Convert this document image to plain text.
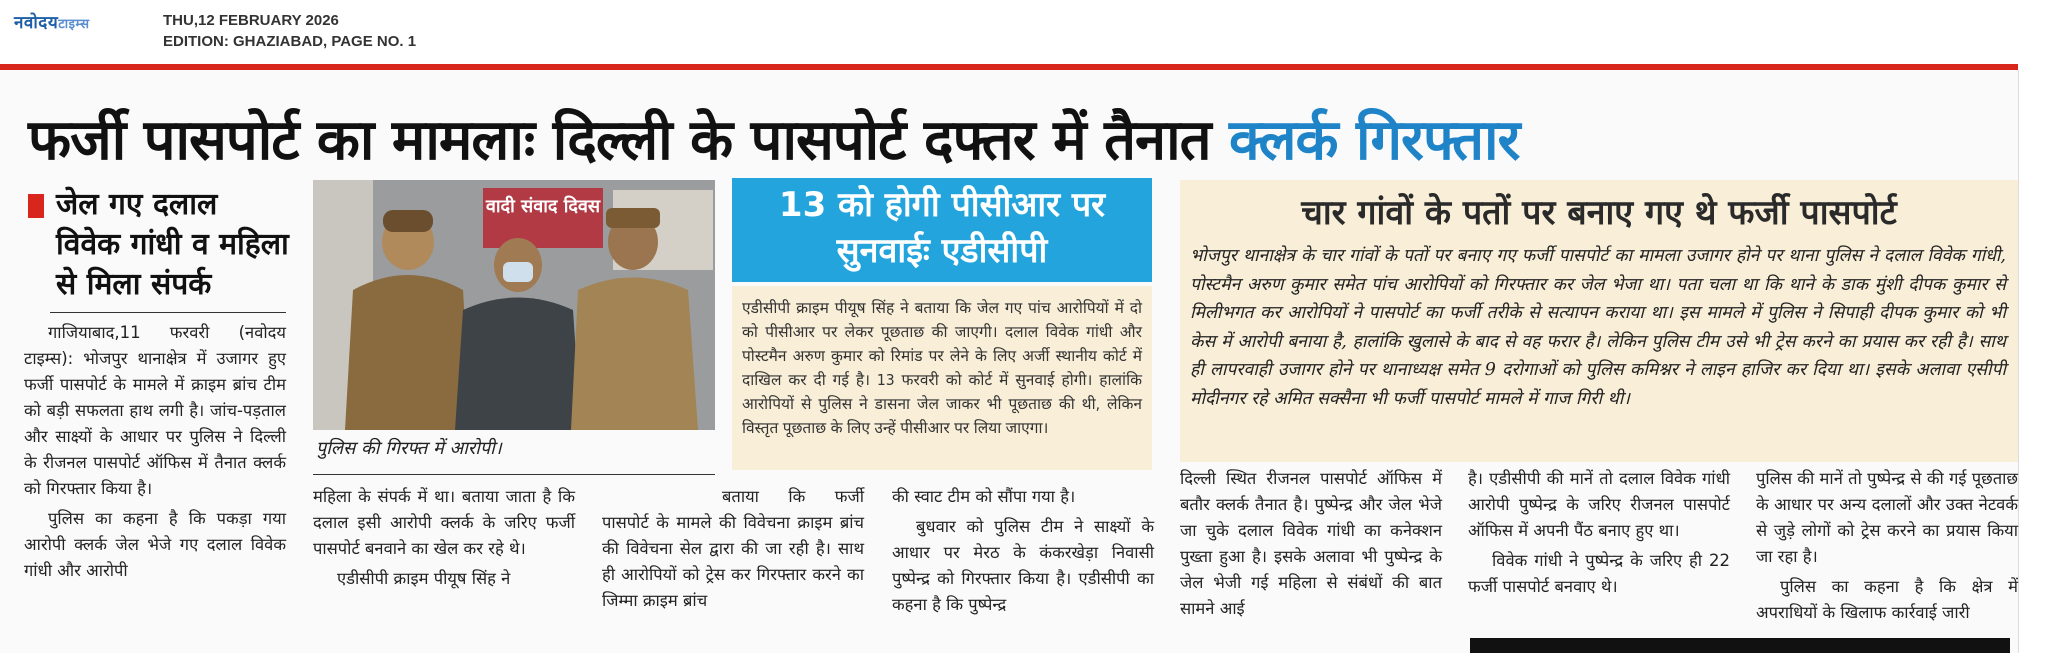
नवोदयटाइम्स	THU,12 FEBRUARY 2026
EDITION: GHAZIABAD, PAGE NO. 1
फर्जी पासपोर्ट का मामलाः दिल्ली के पासपोर्ट दफ्तर में तैनात क्लर्क गिरफ्तार
जेल गए दलाल विवेक गांधी व महिला से मिला संपर्क

गाजियाबाद,11 फरवरी (नवोदय टाइम्स): भोजपुर थानाक्षेत्र में उजागर हुए फर्जी पासपोर्ट के मामले में क्राइम ब्रांच टीम को बड़ी सफलता हाथ लगी है। जांच-पड़ताल और साक्ष्यों के आधार पर पुलिस ने दिल्ली के रीजनल पासपोर्ट ऑफिस में तैनात क्लर्क को गिरफ्तार किया है।

पुलिस का कहना है कि पकड़ा गया आरोपी क्लर्क जेल भेजे गए दलाल विवेक गांधी और आरोपी

वादी संवाद दिवस
पुलिस की गिरफ्त में आरोपी।

महिला के संपर्क में था। बताया जाता है कि दलाल इसी आरोपी क्लर्क के जरिए फर्जी पासपोर्ट बनवाने का खेल कर रहे थे।

एडीसीपी क्राइम पीयूष सिंह ने

13 को होगी पीसीआर पर सुनवाईः एडीसीपी
एडीसीपी क्राइम पीयूष सिंह ने बताया कि जेल गए पांच आरोपियों में दो को पीसीआर पर लेकर पूछताछ की जाएगी। दलाल विवेक गांधी और पोस्टमैन अरुण कुमार को रिमांड पर लेने के लिए अर्जी स्थानीय कोर्ट में दाखिल कर दी गई है। 13 फरवरी को कोर्ट में सुनवाई होगी। हालांकि आरोपियों से पुलिस ने डासना जेल जाकर भी पूछताछ की थी, लेकिन विस्तृत पूछताछ के लिए उन्हें पीसीआर पर लिया जाएगा।

बताया कि फर्जी पासपोर्ट के मामले की विवेचना क्राइम ब्रांच की विवेचना सेल द्वारा की जा रही है। साथ ही आरोपियों को ट्रेस कर गिरफ्तार करने का जिम्मा क्राइम ब्रांच

की स्वाट टीम को सौंपा गया है।

बुधवार को पुलिस टीम ने साक्ष्यों के आधार पर मेरठ के कंकरखेड़ा निवासी पुष्पेन्द्र को गिरफ्तार किया है। एडीसीपी का कहना है कि पुष्पेन्द्र

चार गांवों के पतों पर बनाए गए थे फर्जी पासपोर्ट
भोजपुर थानाक्षेत्र के चार गांवों के पतों पर बनाए गए फर्जी पासपोर्ट का मामला उजागर होने पर थाना पुलिस ने दलाल विवेक गांधी, पोस्टमैन अरुण कुमार समेत पांच आरोपियों को गिरफ्तार कर जेल भेजा था। पता चला था कि थाने के डाक मुंशी दीपक कुमार से मिलीभगत कर आरोपियों ने पासपोर्ट का फर्जी तरीके से सत्यापन कराया था। इस मामले में पुलिस ने सिपाही दीपक कुमार को भी केस में आरोपी बनाया है, हालांकि खुलासे के बाद से वह फरार है। लेकिन पुलिस टीम उसे भी ट्रेस करने का प्रयास कर रही है। साथ ही लापरवाही उजागर होने पर थानाध्यक्ष समेत 9 दरोगाओं को पुलिस कमिश्नर ने लाइन हाजिर कर दिया था। इसके अलावा एसीपी मोदीनगर रहे अमित सक्सैना भी फर्जी पासपोर्ट मामले में गाज गिरी थी।

दिल्ली स्थित रीजनल पासपोर्ट ऑफिस में बतौर क्लर्क तैनात है। पुष्पेन्द्र और जेल भेजे जा चुके दलाल विवेक गांधी का कनेक्शन पुख्ता हुआ है। इसके अलावा भी पुष्पेन्द्र के जेल भेजी गई महिला से संबंधों की बात सामने आई

है। एडीसीपी की मानें तो दलाल विवेक गांधी आरोपी पुष्पेन्द्र के जरिए रीजनल पासपोर्ट ऑफिस में अपनी पैंठ बनाए हुए था।

विवेक गांधी ने पुष्पेन्द्र के जरिए ही 22 फर्जी पासपोर्ट बनवाए थे।

पुलिस की मानें तो पुष्पेन्द्र से की गई पूछताछ के आधार पर अन्य दलालों और उक्त नेटवर्क से जुड़े लोगों को ट्रेस करने का प्रयास किया जा रहा है।

पुलिस का कहना है कि क्षेत्र में अपराधियों के खिलाफ कार्रवाई जारी
